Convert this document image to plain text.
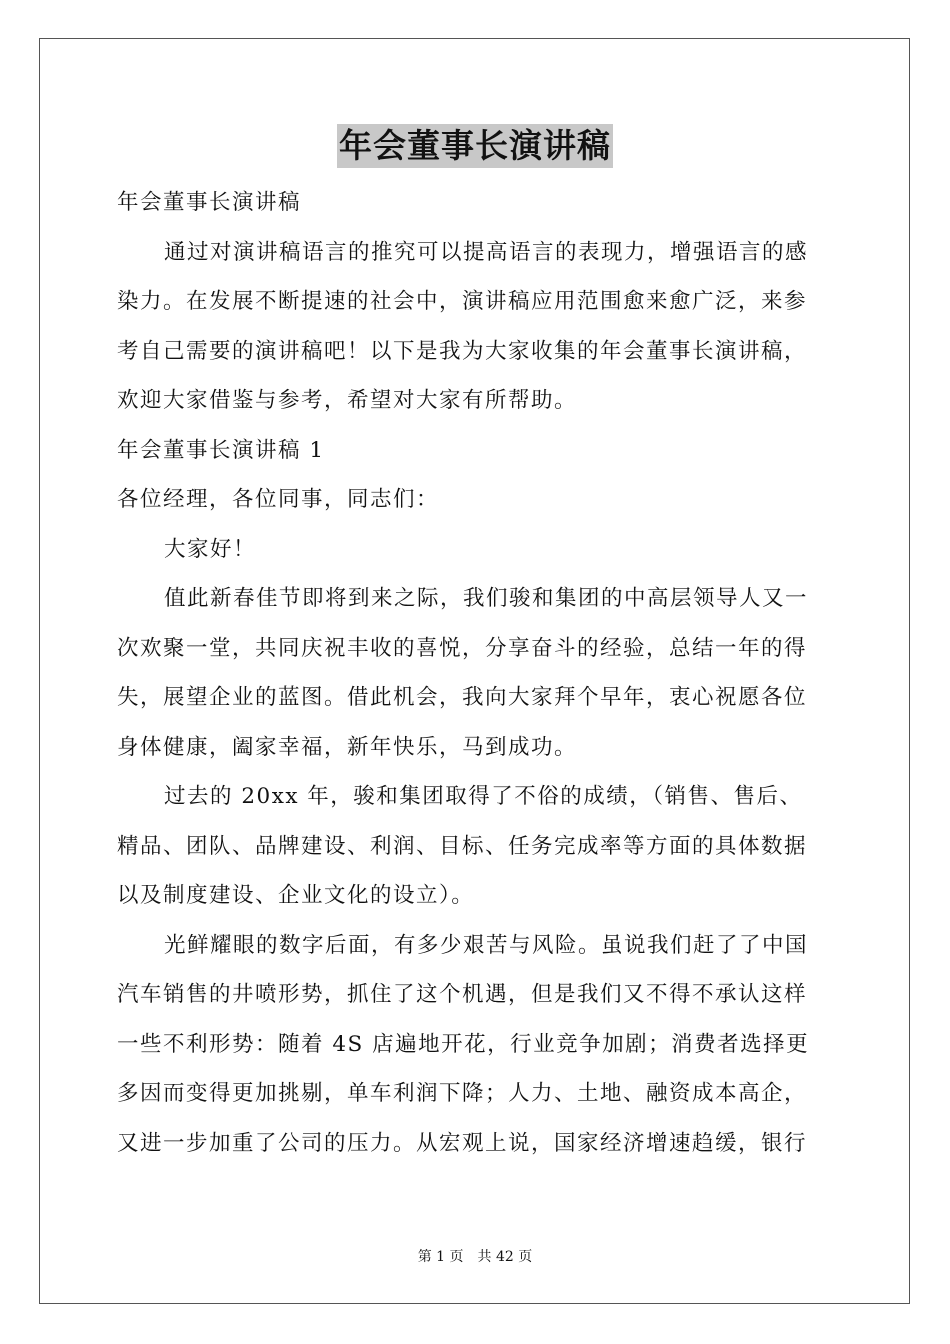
年会董事长演讲稿
年会董事长演讲稿
通过对演讲稿语言的推究可以提高语言的表现力，增强语言的感
染力。在发展不断提速的社会中，演讲稿应用范围愈来愈广泛，来参
考自己需要的演讲稿吧！以下是我为大家收集的年会董事长演讲稿，
欢迎大家借鉴与参考，希望对大家有所帮助。
年会董事长演讲稿 1
各位经理，各位同事，同志们：
大家好！
值此新春佳节即将到来之际，我们骏和集团的中高层领导人又一
次欢聚一堂，共同庆祝丰收的喜悦，分享奋斗的经验，总结一年的得
失，展望企业的蓝图。借此机会，我向大家拜个早年，衷心祝愿各位
身体健康，阖家幸福，新年快乐，马到成功。
过去的 20xx 年，骏和集团取得了不俗的成绩，（销售、售后、
精品、团队、品牌建设、利润、目标、任务完成率等方面的具体数据
以及制度建设、企业文化的设立）。
光鲜耀眼的数字后面，有多少艰苦与风险。虽说我们赶了了中国
汽车销售的井喷形势，抓住了这个机遇，但是我们又不得不承认这样
一些不利形势：随着 4S 店遍地开花，行业竞争加剧；消费者选择更
多因而变得更加挑剔，单车利润下降；人力、土地、融资成本高企，
又进一步加重了公司的压力。从宏观上说，国家经济增速趋缓，银行
第 1 页 共 42 页
